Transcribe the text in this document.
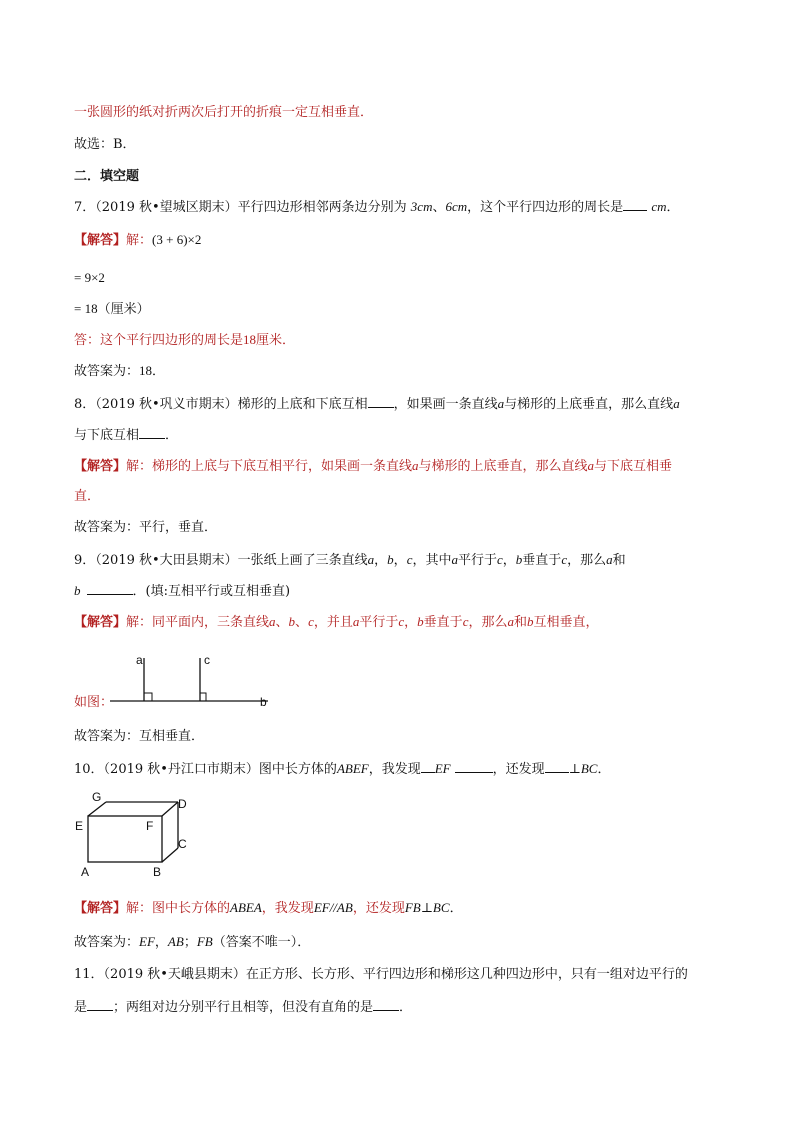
一张圆形的纸对折两次后打开的折痕一定互相垂直．
故选：B．
二．填空题
7．（2019 秋•望城区期末）平行四边形相邻两条边分别为 3cm、6cm，这个平行四边形的周长是 cm．
【解答】解：(3 + 6)×2
= 9×2
= 18（厘米）
答：这个平行四边形的周长是18厘米．
故答案为：18．
8．（2019 秋•巩义市期末）梯形的上底和下底互相 ，如果画一条直线a与梯形的上底垂直，那么直线a
与下底互相 ．
【解答】解：梯形的上底与下底互相平行，如果画一条直线a与梯形的上底垂直，那么直线a与下底互相垂
直．
故答案为：平行，垂直．
9．（2019 秋•大田县期末）一张纸上画了三条直线a，b，c，其中a平行于c，b垂直于c，那么a和
b	．(填:互相平行或互相垂直)
【解答】解：同平面内，三条直线a、b、c，并且a平行于c，b垂直于c，那么a和b互相垂直，
如图：
a	c
b
故答案为：互相垂直．
10．（2019 秋•丹江口市期末）图中长方体的ABEF，我发现 EF	，还发现 ⊥BC．
G	D
E	F
C
A	B
【解答】解：图中长方体的ABEA，我发现EF//AB，还发现FB⊥BC．
故答案为：EF，AB；FB（答案不唯一）．
11．（2019 秋•天峨县期末）在正方形、长方形、平行四边形和梯形这几种四边形中，只有一组对边平行的
是 ；两组对边分别平行且相等，但没有直角的是 ．
